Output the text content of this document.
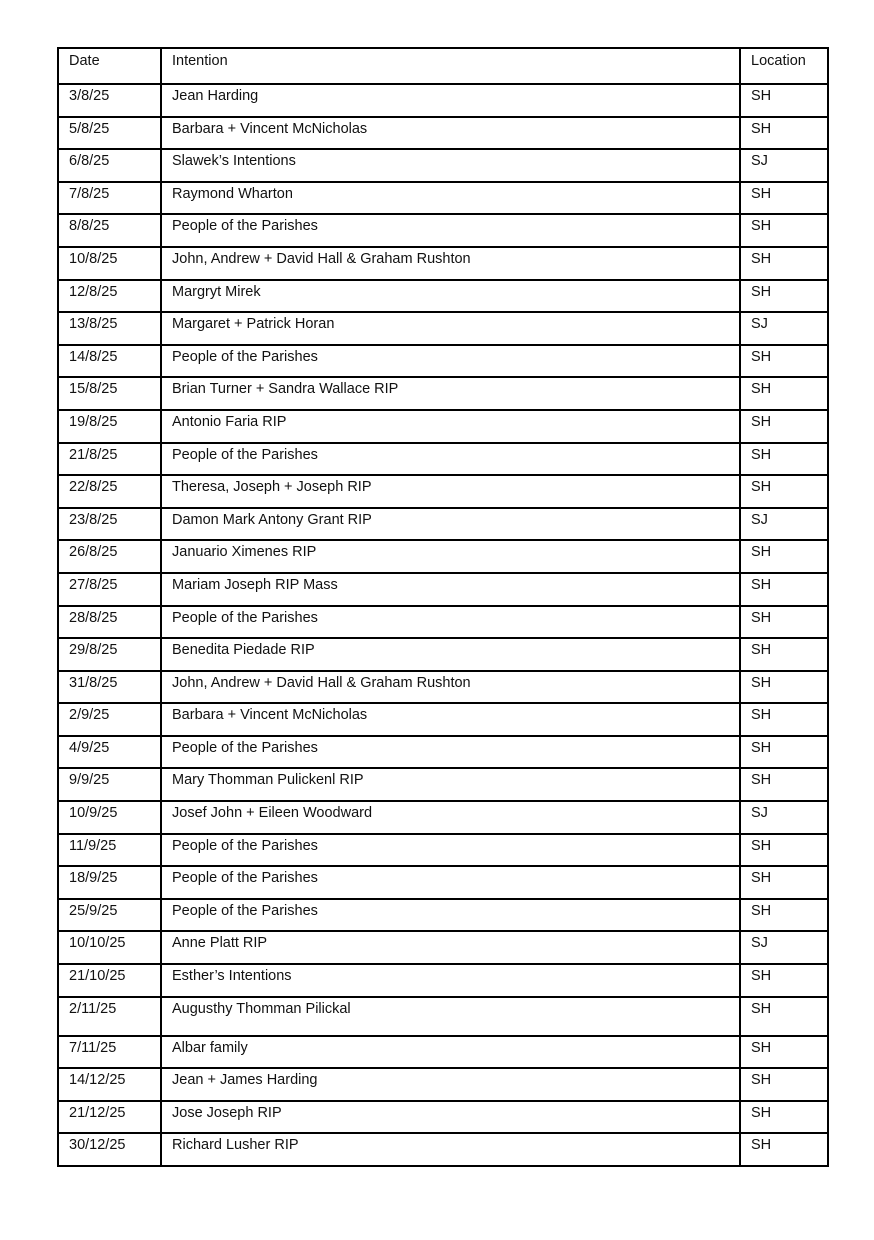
Date	Intention	Location
3/8/25	Jean Harding	SH
5/8/25	Barbara + Vincent McNicholas	SH
6/8/25	Slawek’s Intentions	SJ
7/8/25	Raymond Wharton	SH
8/8/25	People of the Parishes	SH
10/8/25	John, Andrew + David Hall & Graham Rushton	SH
12/8/25	Margryt Mirek	SH
13/8/25	Margaret + Patrick Horan	SJ
14/8/25	People of the Parishes	SH
15/8/25	Brian Turner + Sandra Wallace RIP	SH
19/8/25	Antonio Faria RIP	SH
21/8/25	People of the Parishes	SH
22/8/25	Theresa, Joseph + Joseph RIP	SH
23/8/25	Damon Mark Antony Grant RIP	SJ
26/8/25	Januario Ximenes RIP	SH
27/8/25	Mariam Joseph RIP Mass	SH
28/8/25	People of the Parishes	SH
29/8/25	Benedita Piedade RIP	SH
31/8/25	John, Andrew + David Hall & Graham Rushton	SH
2/9/25	Barbara + Vincent McNicholas	SH
4/9/25	People of the Parishes	SH
9/9/25	Mary Thomman Pulickenl RIP	SH
10/9/25	Josef John + Eileen Woodward	SJ
11/9/25	People of the Parishes	SH
18/9/25	People of the Parishes	SH
25/9/25	People of the Parishes	SH
10/10/25	Anne Platt RIP	SJ
21/10/25	Esther’s Intentions	SH
2/11/25	Augusthy Thomman Pilickal	SH
7/11/25	Albar family	SH
14/12/25	Jean + James Harding	SH
21/12/25	Jose Joseph RIP	SH
30/12/25	Richard Lusher RIP	SH
